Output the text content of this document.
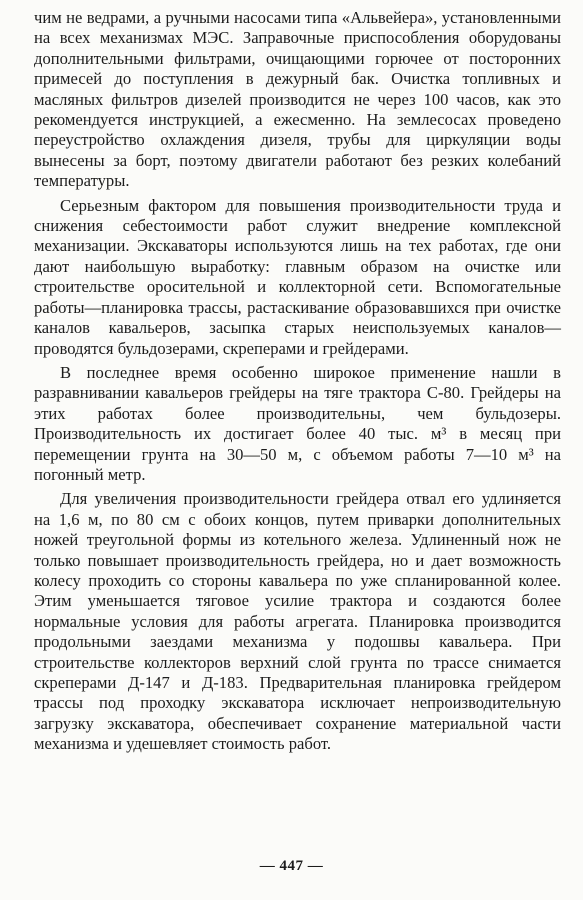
чим не ведрами, а ручными насосами типа «Альвейера», установленными на всех механизмах МЭС. Заправочные приспособления оборудованы дополнительными фильтрами, очищающими горючее от посторонних примесей до поступления в дежурный бак. Очистка топливных и масляных фильтров дизелей производится не через 100 часов, как это рекомендуется инструкцией, а ежесменно. На землесосах проведено переустройство охлаждения дизеля, трубы для циркуляции воды вынесены за борт, поэтому двигатели работают без резких колебаний температуры.

Серьезным фактором для повышения производительности труда и снижения себестоимости работ служит внедрение комплексной механизации. Экскаваторы используются лишь на тех работах, где они дают наибольшую выработку: главным образом на очистке или строительстве оросительной и коллекторной сети. Вспомогательные работы—планировка трассы, растаскивание образовавшихся при очистке каналов кавальеров, засыпка старых неиспользуемых каналов—проводятся бульдозерами, скреперами и грейдерами.

В последнее время особенно широкое применение нашли в разравнивании кавальеров грейдеры на тяге трактора С-80. Грейдеры на этих работах более производительны, чем бульдозеры. Производительность их достигает более 40 тыс. м³ в месяц при перемещении грунта на 30—50 м, с объемом работы 7—10 м³ на погонный метр.

Для увеличения производительности грейдера отвал его удлиняется на 1,6 м, по 80 см с обоих концов, путем приварки дополнительных ножей треугольной формы из котельного железа. Удлиненный нож не только повышает производительность грейдера, но и дает возможность колесу проходить со стороны кавальера по уже спланированной колее. Этим уменьшается тяговое усилие трактора и создаются более нормальные условия для работы агрегата. Планировка производится продольными заездами механизма у подошвы кавальера. При строительстве коллекторов верхний слой грунта по трассе снимается скреперами Д-147 и Д-183. Предварительная планировка грейдером трассы под проходку экскаватора исключает непроизводительную загрузку экскаватора, обеспечивает сохранение материальной части механизма и удешевляет стоимость работ.

— 447 —
